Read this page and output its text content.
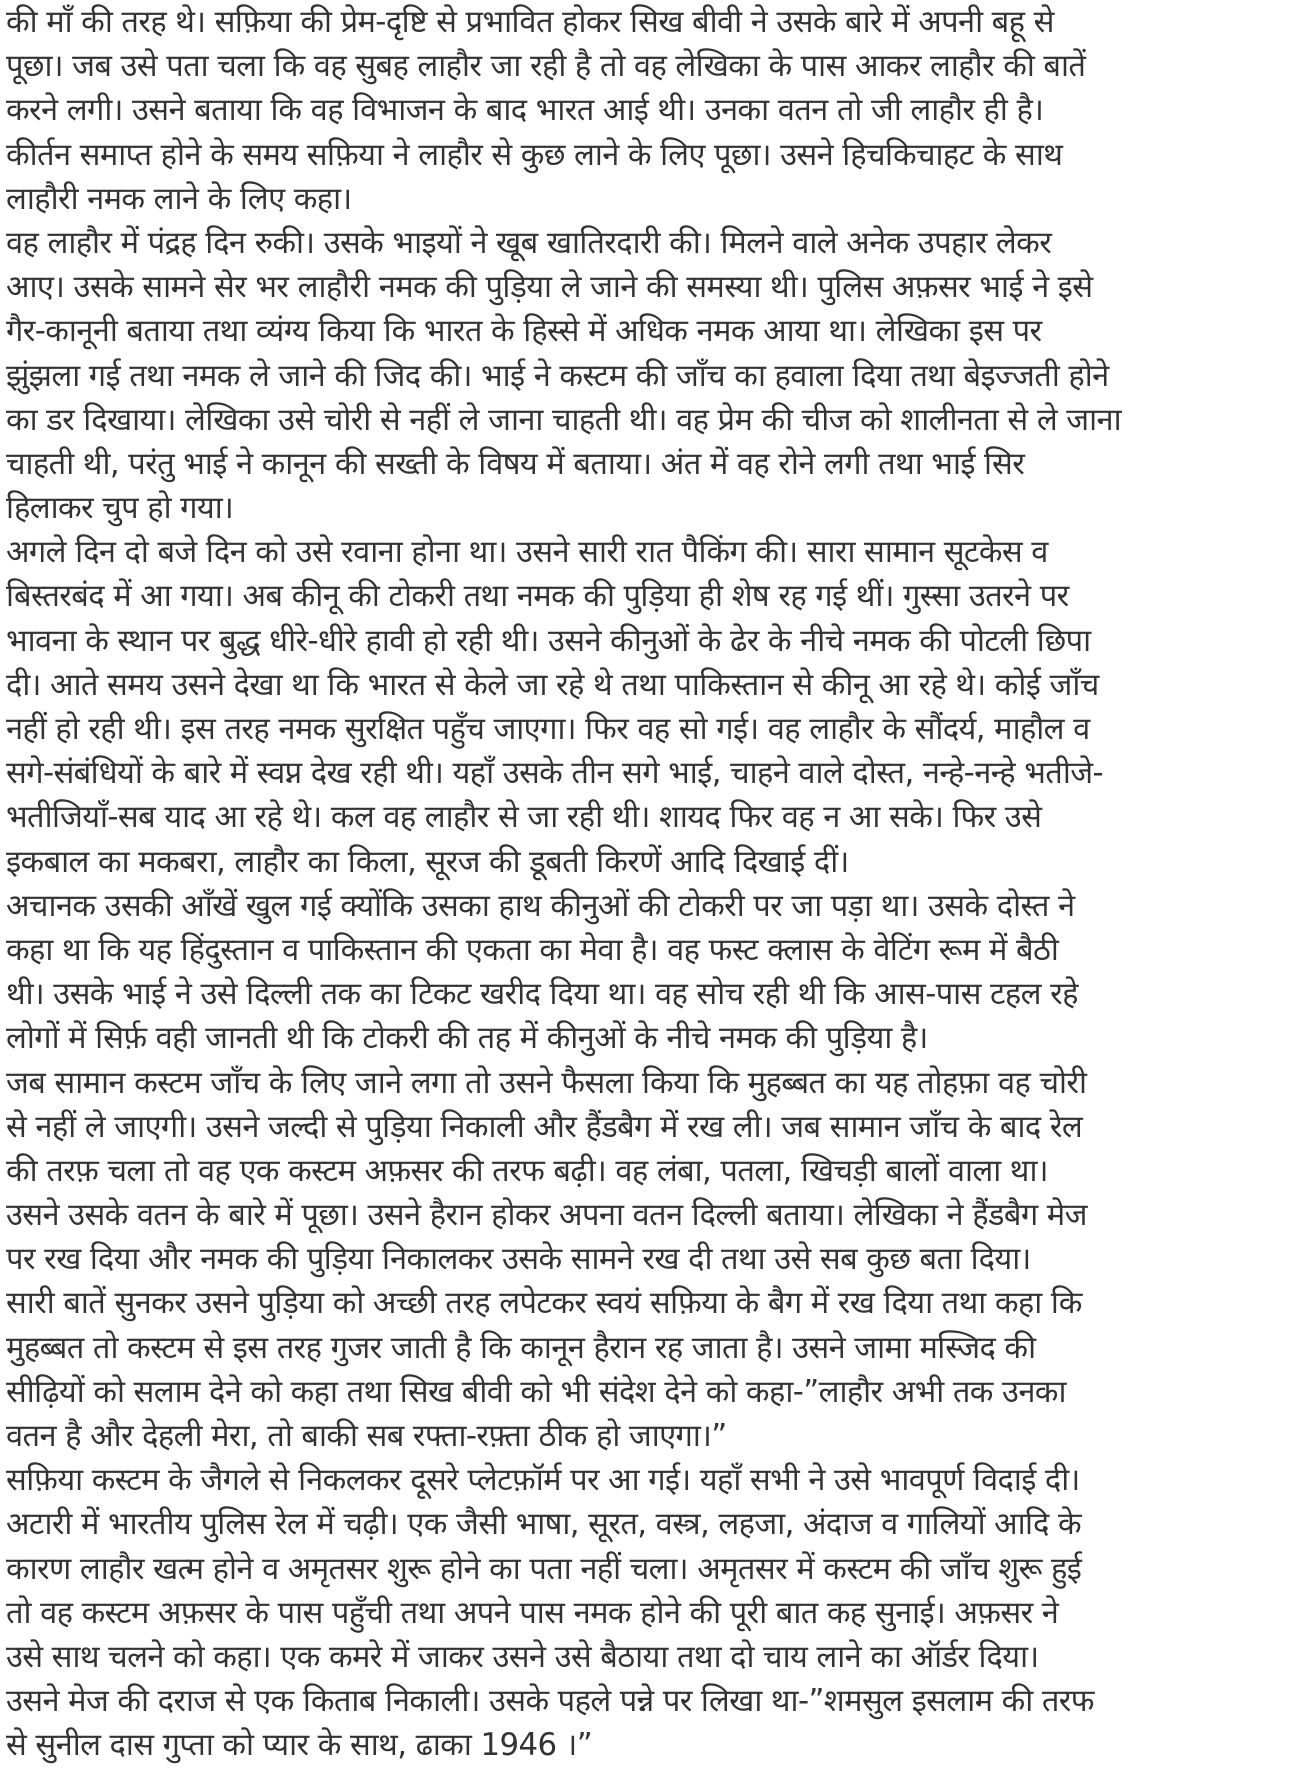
की माँ की तरह थे। सफ़िया की प्रेम-दृष्टि से प्रभावित होकर सिख बीवी ने उसके बारे में अपनी बहू से
पूछा। जब उसे पता चला कि वह सुबह लाहौर जा रही है तो वह लेखिका के पास आकर लाहौर की बातें
करने लगी। उसने बताया कि वह विभाजन के बाद भारत आई थी। उनका वतन तो जी लाहौर ही है।
कीर्तन समाप्त होने के समय सफ़िया ने लाहौर से कुछ लाने के लिए पूछा। उसने हिचकिचाहट के साथ
लाहौरी नमक लाने के लिए कहा।
वह लाहौर में पंद्रह दिन रुकी। उसके भाइयों ने खूब खातिरदारी की। मिलने वाले अनेक उपहार लेकर
आए। उसके सामने सेर भर लाहौरी नमक की पुड़िया ले जाने की समस्या थी। पुलिस अफ़सर भाई ने इसे
गैर-कानूनी बताया तथा व्यंग्य किया कि भारत के हिस्से में अधिक नमक आया था। लेखिका इस पर
झुंझला गई तथा नमक ले जाने की जिद की। भाई ने कस्टम की जाँच का हवाला दिया तथा बेइज्जती होने
का डर दिखाया। लेखिका उसे चोरी से नहीं ले जाना चाहती थी। वह प्रेम की चीज को शालीनता से ले जाना
चाहती थी, परंतु भाई ने कानून की सख्ती के विषय में बताया। अंत में वह रोने लगी तथा भाई सिर
हिलाकर चुप हो गया।
अगले दिन दो बजे दिन को उसे रवाना होना था। उसने सारी रात पैकिंग की। सारा सामान सूटकेस व
बिस्तरबंद में आ गया। अब कीनू की टोकरी तथा नमक की पुड़िया ही शेष रह गई थीं। गुस्सा उतरने पर
भावना के स्थान पर बुद्ध धीरे-धीरे हावी हो रही थी। उसने कीनुओं के ढेर के नीचे नमक की पोटली छिपा
दी। आते समय उसने देखा था कि भारत से केले जा रहे थे तथा पाकिस्तान से कीनू आ रहे थे। कोई जाँच
नहीं हो रही थी। इस तरह नमक सुरक्षित पहुँच जाएगा। फिर वह सो गई। वह लाहौर के सौंदर्य, माहौल व
सगे-संबंधियों के बारे में स्वप्न देख रही थी। यहाँ उसके तीन सगे भाई, चाहने वाले दोस्त, नन्हे-नन्हे भतीजे-
भतीजियाँ-सब याद आ रहे थे। कल वह लाहौर से जा रही थी। शायद फिर वह न आ सके। फिर उसे
इकबाल का मकबरा, लाहौर का किला, सूरज की डूबती किरणें आदि दिखाई दीं।
अचानक उसकी आँखें खुल गई क्योंकि उसका हाथ कीनुओं की टोकरी पर जा पड़ा था। उसके दोस्त ने
कहा था कि यह हिंदुस्तान व पाकिस्तान की एकता का मेवा है। वह फस्ट क्लास के वेटिंग रूम में बैठी
थी। उसके भाई ने उसे दिल्ली तक का टिकट खरीद दिया था। वह सोच रही थी कि आस-पास टहल रहे
लोगों में सिर्फ़ वही जानती थी कि टोकरी की तह में कीनुओं के नीचे नमक की पुड़िया है।
जब सामान कस्टम जाँच के लिए जाने लगा तो उसने फैसला किया कि मुहब्बत का यह तोहफ़ा वह चोरी
से नहीं ले जाएगी। उसने जल्दी से पुड़िया निकाली और हैंडबैग में रख ली। जब सामान जाँच के बाद रेल
की तरफ़ चला तो वह एक कस्टम अफ़सर की तरफ बढ़ी। वह लंबा, पतला, खिचड़ी बालों वाला था।
उसने उसके वतन के बारे में पूछा। उसने हैरान होकर अपना वतन दिल्ली बताया। लेखिका ने हैंडबैग मेज
पर रख दिया और नमक की पुड़िया निकालकर उसके सामने रख दी तथा उसे सब कुछ बता दिया।
सारी बातें सुनकर उसने पुड़िया को अच्छी तरह लपेटकर स्वयं सफ़िया के बैग में रख दिया तथा कहा कि
मुहब्बत तो कस्टम से इस तरह गुजर जाती है कि कानून हैरान रह जाता है। उसने जामा मस्जिद की
सीढ़ियों को सलाम देने को कहा तथा सिख बीवी को भी संदेश देने को कहा-”लाहौर अभी तक उनका
वतन है और देहली मेरा, तो बाकी सब रफ्ता-रफ़्ता ठीक हो जाएगा।”
सफ़िया कस्टम के जैगले से निकलकर दूसरे प्लेटफ़ॉर्म पर आ गई। यहाँ सभी ने उसे भावपूर्ण विदाई दी।
अटारी में भारतीय पुलिस रेल में चढ़ी। एक जैसी भाषा, सूरत, वस्त्र, लहजा, अंदाज व गालियों आदि के
कारण लाहौर खत्म होने व अमृतसर शुरू होने का पता नहीं चला। अमृतसर में कस्टम की जाँच शुरू हुई
तो वह कस्टम अफ़सर के पास पहुँची तथा अपने पास नमक होने की पूरी बात कह सुनाई। अफ़सर ने
उसे साथ चलने को कहा। एक कमरे में जाकर उसने उसे बैठाया तथा दो चाय लाने का ऑर्डर दिया।
उसने मेज की दराज से एक किताब निकाली। उसके पहले पन्ने पर लिखा था-”शमसुल इसलाम की तरफ
से सुनील दास गुप्ता को प्यार के साथ, ढाका 1946 ।”
